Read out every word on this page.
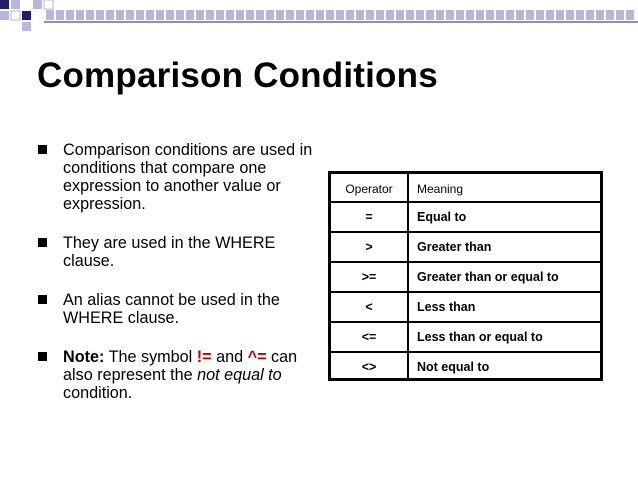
Comparison Conditions
Comparison conditions are used in conditions that compare one expression to another value or expression.
They are used in the WHERE clause.
An alias cannot be used in the WHERE clause.
Note: The symbol != and ^= can also represent the not equal to condition.
Operator	Meaning
=	Equal to
>	Greater than
>=	Greater than or equal to
<	Less than
<=	Less than or equal to
<>	Not equal to
